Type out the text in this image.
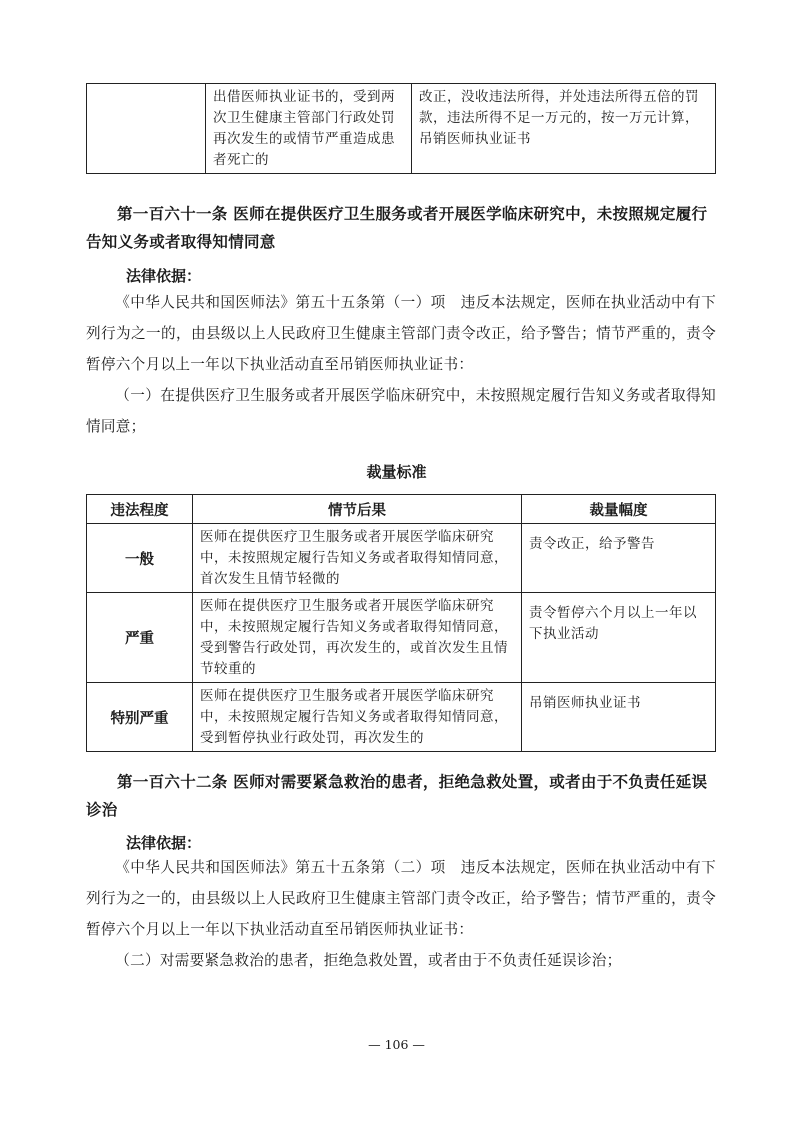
	出借医师执业证书的，受到两次卫生健康主管部门行政处罚再次发生的或情节严重造成患者死亡的	改正，没收违法所得，并处违法所得五倍的罚款，违法所得不足一万元的，按一万元计算，吊销医师执业证书
第一百六十一条 医师在提供医疗卫生服务或者开展医学临床研究中，未按照规定履行告知义务或者取得知情同意
法律依据：

《中华人民共和国医师法》第五十五条第（一）项　违反本法规定，医师在执业活动中有下列行为之一的，由县级以上人民政府卫生健康主管部门责令改正，给予警告；情节严重的，责令暂停六个月以上一年以下执业活动直至吊销医师执业证书：

（一）在提供医疗卫生服务或者开展医学临床研究中，未按照规定履行告知义务或者取得知情同意；

裁量标准
违法程度	情节后果	裁量幅度
一般	医师在提供医疗卫生服务或者开展医学临床研究中，未按照规定履行告知义务或者取得知情同意，首次发生且情节轻微的	责令改正，给予警告
严重	医师在提供医疗卫生服务或者开展医学临床研究中，未按照规定履行告知义务或者取得知情同意，受到警告行政处罚，再次发生的，或首次发生且情节较重的	责令暂停六个月以上一年以下执业活动
特别严重	医师在提供医疗卫生服务或者开展医学临床研究中，未按照规定履行告知义务或者取得知情同意，受到暂停执业行政处罚，再次发生的	吊销医师执业证书
第一百六十二条 医师对需要紧急救治的患者，拒绝急救处置，或者由于不负责任延误诊治
法律依据：

《中华人民共和国医师法》第五十五条第（二）项　违反本法规定，医师在执业活动中有下列行为之一的，由县级以上人民政府卫生健康主管部门责令改正，给予警告；情节严重的，责令暂停六个月以上一年以下执业活动直至吊销医师执业证书：

（二）对需要紧急救治的患者，拒绝急救处置，或者由于不负责任延误诊治；

— 106 —
